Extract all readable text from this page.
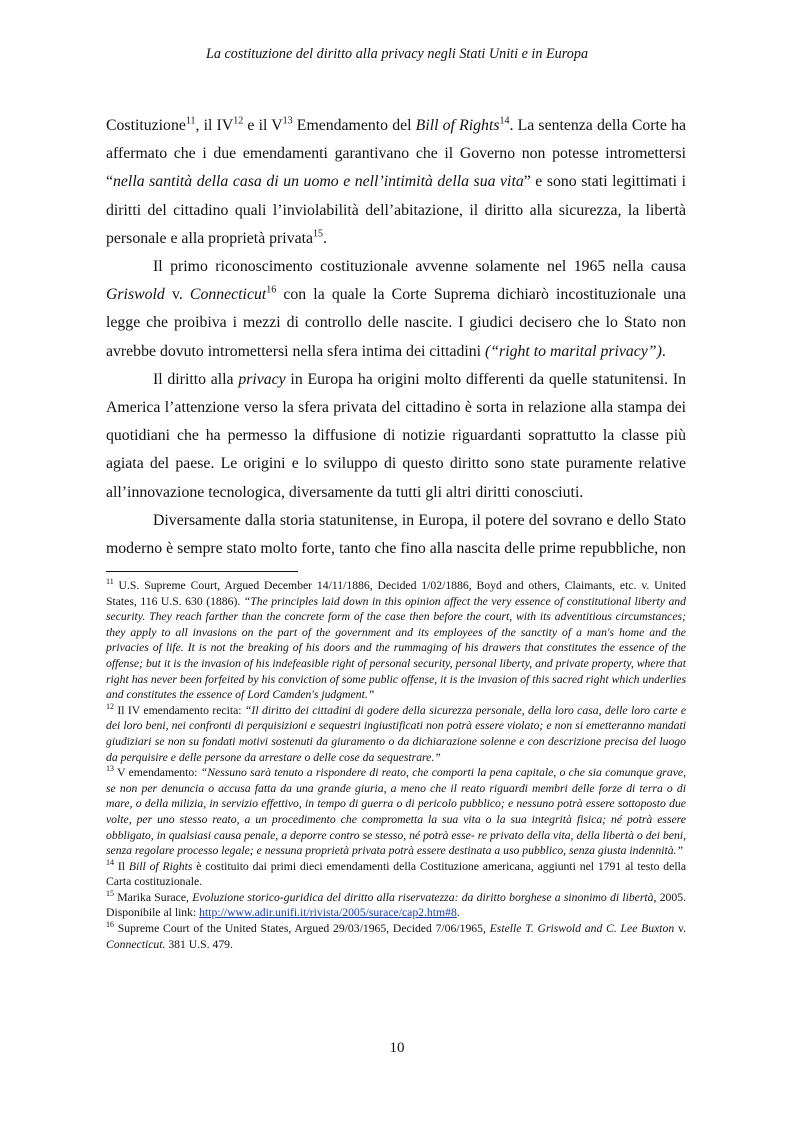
La costituzione del diritto alla privacy negli Stati Uniti e in Europa

Costituzione$^{11}$, il IV$^{12}$ e il $V^{13}$ Emendamento del Bill of Rights$^{14}$. La sentenza della Corte ha affermato che i due emendamenti garantivano che il Governo non potesse intromettersi “nella santità della casa di un uomo e nell’intimità della sua vita” e sono stati legittimati i diritti del cittadino quali l’inviolabilità dell’abitazione, il diritto alla sicurezza, la libertà personale e alla proprietà privata$^{15}$.

Il primo riconoscimento costituzionale avvenne solamente nel 1965 nella causa Griswold v. Connecticut$^{16}$ con la quale la Corte Suprema dichiarò incostituzionale una legge che proibiva i mezzi di controllo delle nascite. I giudici decisero che lo Stato non avrebbe dovuto intromettersi nella sfera intima dei cittadini (“right to marital privacy”).

Il diritto alla privacy in Europa ha origini molto differenti da quelle statunitensi. In America l’attenzione verso la sfera privata del cittadino è sorta in relazione alla stampa dei quotidiani che ha permesso la diffusione di notizie riguardanti soprattutto la classe più agiata del paese. Le origini e lo sviluppo di questo diritto sono state puramente relative all’innovazione tecnologica, diversamente da tutti gli altri diritti conosciuti.

Diversamente dalla storia statunitense, in Europa, il potere del sovrano e dello Stato moderno è sempre stato molto forte, tanto che fino alla nascita delle prime repubbliche, non

$^{11}$ U.S. Supreme Court, Argued December 14/11/1886, Decided 1/02/1886, Boyd and others, Claimants, etc. v. United States, 116 U.S. 630 (1886). “The principles laid down in this opinion affect the very essence of constitutional liberty and security. They reach farther than the concrete form of the case then before the court, with its adventitious circumstances; they apply to all invasions on the part of the government and its employees of the sanctity of a man's home and the privacies of life. It is not the breaking of his doors and the rummaging of his drawers that constitutes the essence of the offense; but it is the invasion of his indefeasible right of personal security, personal liberty, and private property, where that right has never been forfeited by his conviction of some public offense, it is the invasion of this sacred right which underlies and constitutes the essence of Lord Camden's judgment.”

$^{12}$ Il IV emendamento recita: “Il diritto dei cittadini di godere della sicurezza personale, della loro casa, delle loro carte e dei loro beni, nei confronti di perquisizioni e sequestri ingiustificati non potrà essere violato; e non si emetteranno mandati giudiziari se non su fondati motivi sostenuti da giuramento o da dichiarazione solenne e con descrizione precisa del luogo da perquisire e delle persone da arrestare o delle cose da sequestrare.”

$^{13}$ V emendamento: “Nessuno sarà tenuto a rispondere di reato, che comporti la pena capitale, o che sia comunque grave, se non per denuncia o accusa fatta da una grande giuria, a meno che il reato riguardi membri delle forze di terra o di mare, o della milizia, in servizio effettivo, in tempo di guerra o di pericolo pubblico; e nessuno potrà essere sottoposto due volte, per uno stesso reato, a un procedimento che comprometta la sua vita o la sua integrità fisica; né potrà essere obbligato, in qualsiasi causa penale, a deporre contro se stesso, né potrà esse- re privato della vita, della libertà o dei beni, senza regolare processo legale; e nessuna proprietà privata potrà essere destinata a uso pubblico, senza giusta indennità.”

$^{14}$ Il Bill of Rights è costituito dai primi dieci emendamenti della Costituzione americana, aggiunti nel 1791 al testo della Carta costituzionale.

$^{15}$ Marika Surace, Evoluzione storico-guridica del diritto alla riservatezza: da diritto borghese a sinonimo di libertà, 2005. Disponibile al link: http://www.adir.unifi.it/rivista/2005/surace/cap2.htm#8.

$^{16}$ Supreme Court of the United States, Argued 29/03/1965, Decided 7/06/1965, Estelle T. Griswold and C. Lee Buxton v. Connecticut. 381 U.S. 479.

10
